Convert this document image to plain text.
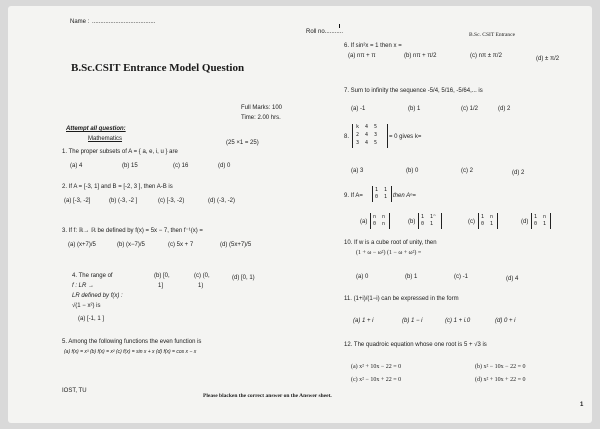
Name : ......................................
Roll no...........	B.Sc. CSIT Entrance
B.Sc.CSIT Entrance Model Question
Full Marks: 100
Time: 2.00 hrs.
Attempt all question:
Mathematics
(25 ×1 = 25)
1. The proper subsets of A = { a, e, i, u } are
(a) 4	(b) 15	(c) 16	(d) 0
2. If A = [-3, 1] and B = [-2, 3 ], then A-B is
(a) [-3, -2]	(b) (-3, -2 ]	(c) [-3, -2)	(d) (-3, -2)
3. If f: ℝ→ ℝ be defined by f(x) = 5x − 7, then f⁻¹(x) =
(a) (x+7)/5	(b) (x−7)/5	(c) 5x + 7	(d) (5x+7)/5
4. The range of
f : LR →
LR defined by f(x) :
√(1 − x²) is
(a) [-1, 1 ]
(b) [0,
1]
(c) (0,
1)
(d) [0, 1)
5. Among the following functions the even function is
(a) f(x) = x³ (b) f(x) = x² (c) f(x) = sin x + x (d) f(x) = cos x − x
6. If sin²x = 1 then x =
(a) nπ + π	(b) nπ + π/2	(c) nπ ± π/2	(d) ± π/2
7. Sum to infinity the sequence -5/4, 5/16, -5/64,... is
(a) -1	(b) 1	(c) 1/2	(d) 2
8.
k  4  5
2  4  3
3  4  5
= 0 gives k=
(a) 3	(b) 0	(c) 2	(d) 2
9. If A=
1  1
0  1 then Aⁿ=
(a)
n  n
0  n	(b)
1  1ⁿ
0  1	(c)
1  n
0  1	(d)
1  n
0  1
10. If w is a cube root of unity, then
(1 + ω − ω²) (1 − ω + ω²) =
(a) 0	(b) 1	(c) -1	(d) 4
11. (1+i)/(1−i) can be expressed in the form
(a) 1 + i	(b) 1 − i	(c) 1 + i.0	(d) 0 + i
12. The quadroic equation whose one root is 5 + √3 is
(a) x² + 10x − 22 = 0	(b) x² − 10x − 22 = 0
(c) x² − 10x + 22 = 0	(d) x² + 10x + 22 = 0
IOST, TU
Please blacken the correct answer on the Answer sheet.
1
